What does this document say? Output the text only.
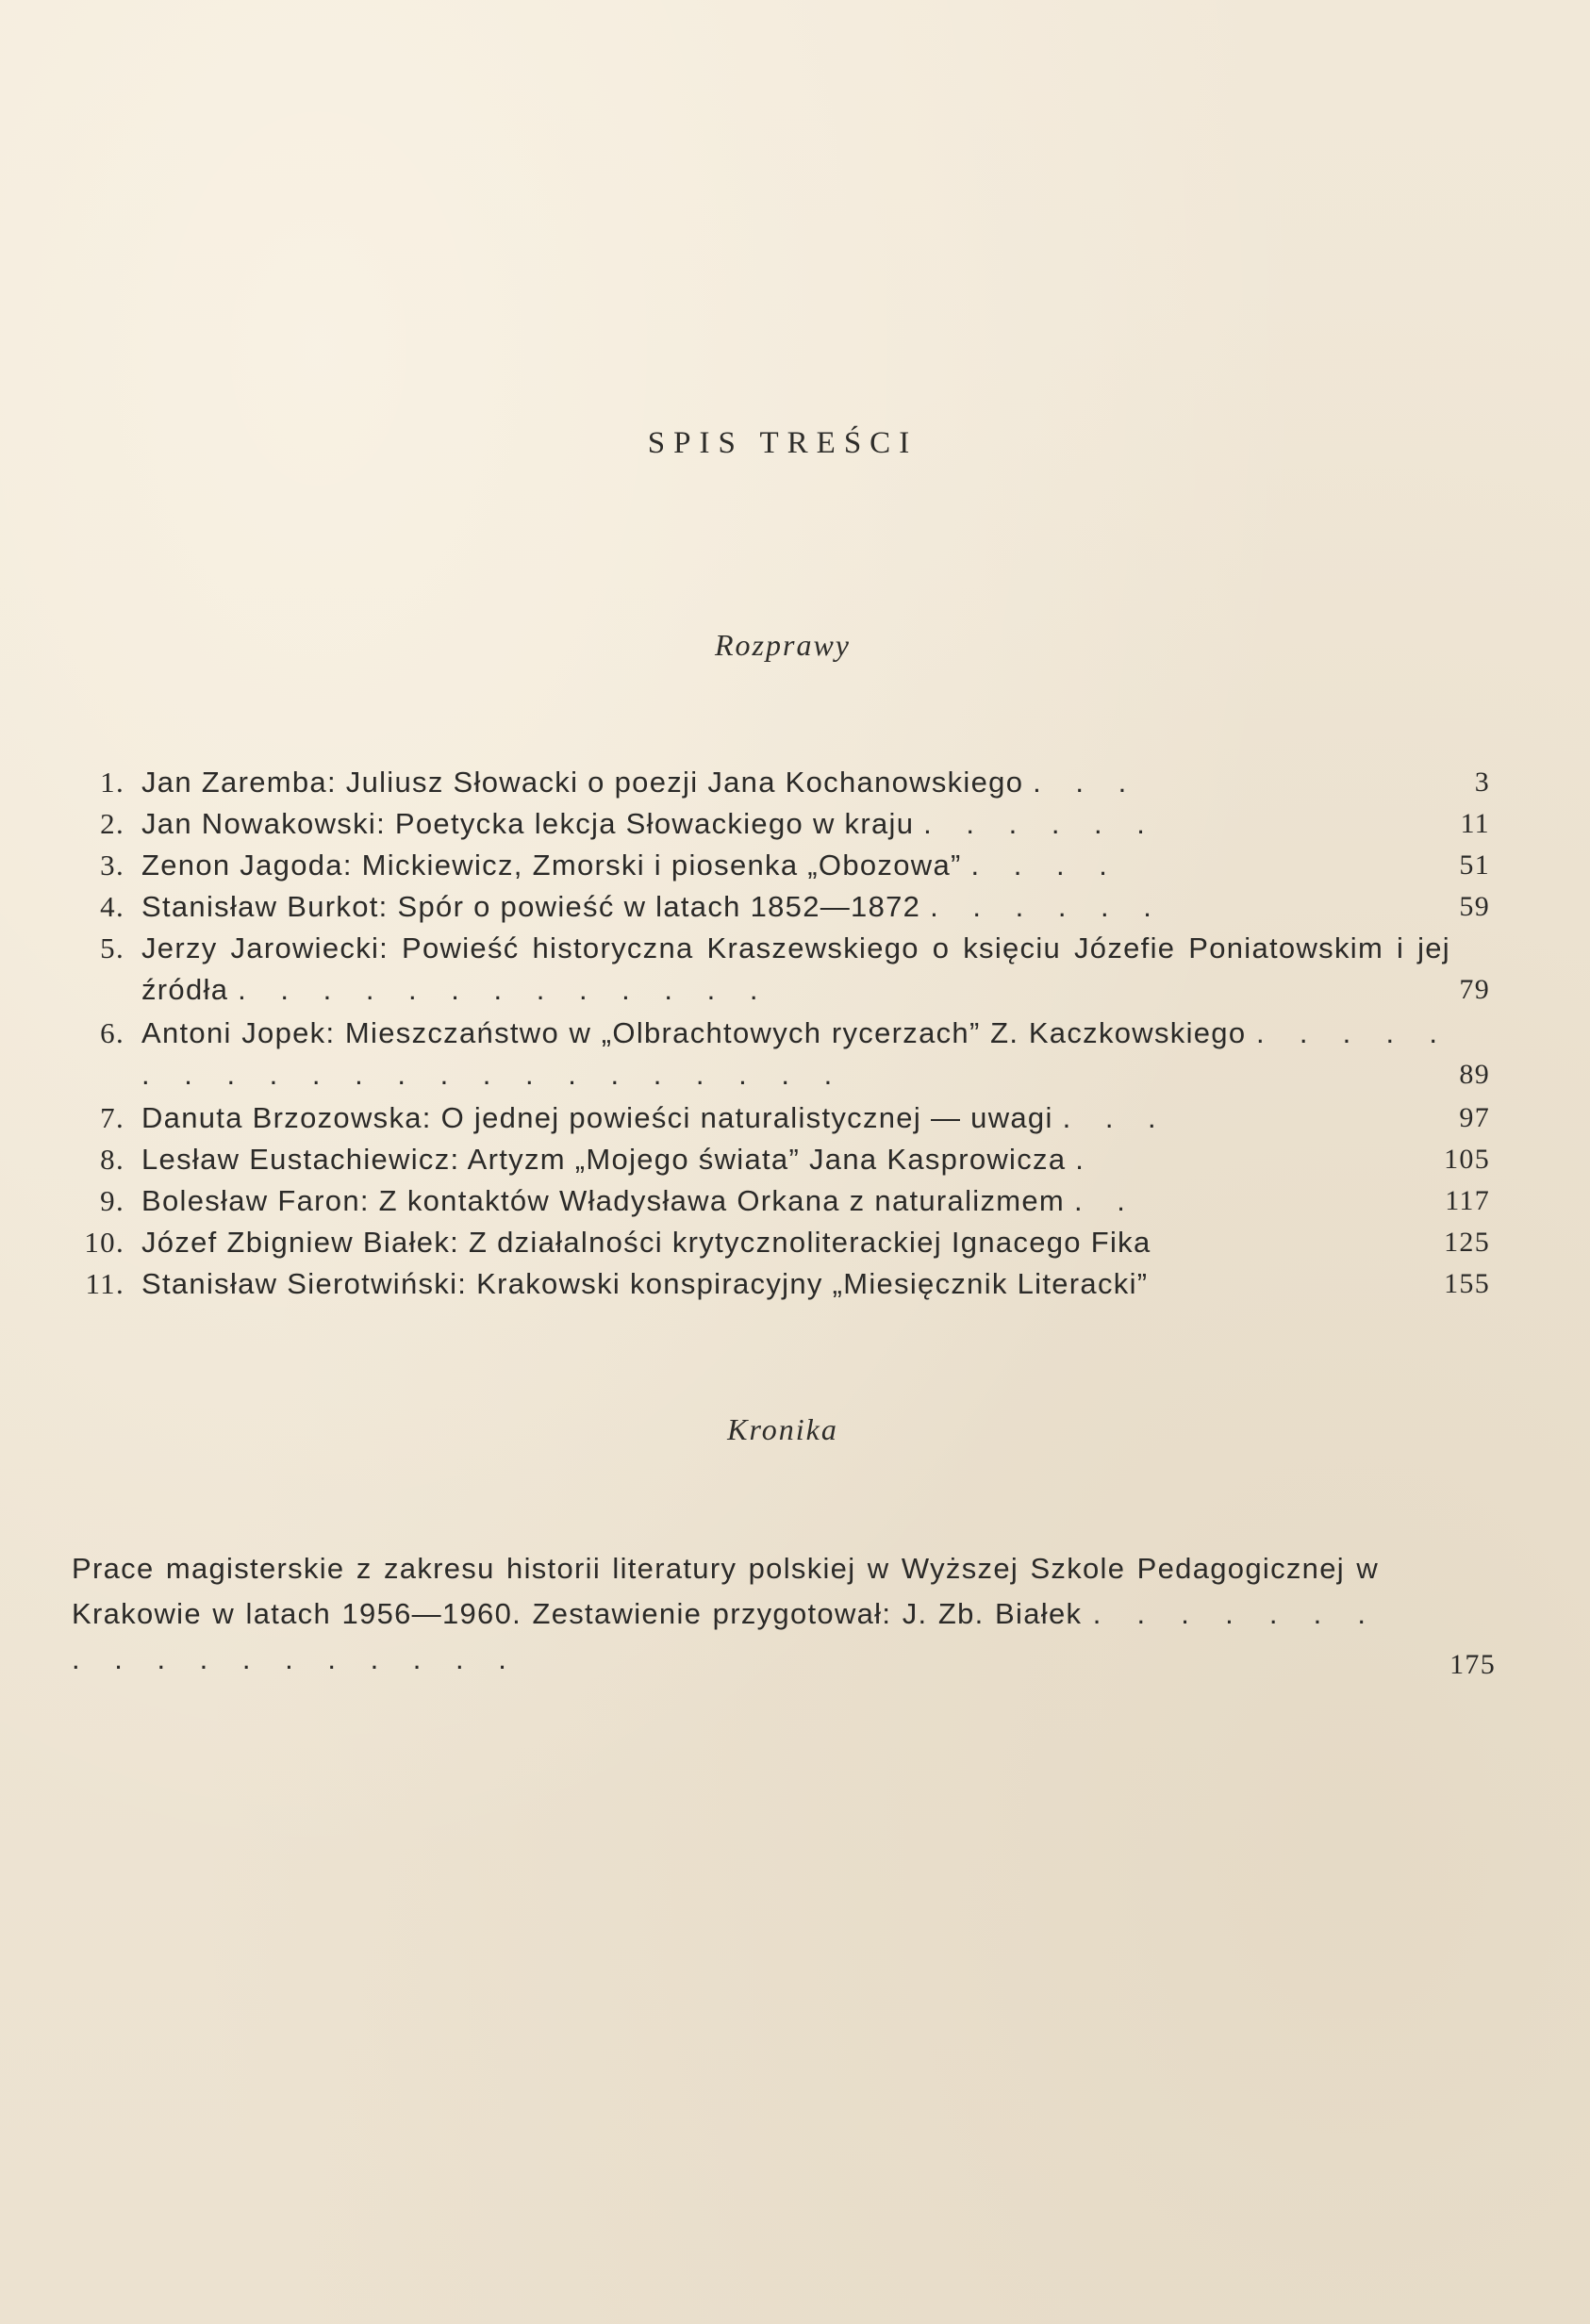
SPIS TREŚCI
Rozprawy
1. Jan Zaremba: Juliusz Słowacki o poezji Jana Kochanowskiego . . .	3
2. Jan Nowakowski: Poetycka lekcja Słowackiego w kraju . . . . . .	11
3. Zenon Jagoda: Mickiewicz, Zmorski i piosenka „Obozowa” . . . .	51
4. Stanisław Burkot: Spór o powieść w latach 1852—1872 . . . . . .	59
5. Jerzy Jarowiecki: Powieść historyczna Kraszewskiego o księciu Józefie Poniatowskim i jej źródła . . . . . . . . . . . . .	79
6. Antoni Jopek: Mieszczaństwo w „Olbrachtowych rycerzach” Z. Kaczkowskiego . . . . . . . . . . . . . . . . . . . . . .	89
7. Danuta Brzozowska: O jednej powieści naturalistycznej — uwagi . . .	97
8. Lesław Eustachiewicz: Artyzm „Mojego świata” Jana Kasprowicza .	105
9. Bolesław Faron: Z kontaktów Władysława Orkana z naturalizmem . .	117
10. Józef Zbigniew Białek: Z działalności krytycznoliterackiej Ignacego Fika	125
11. Stanisław Sierotwiński: Krakowski konspiracyjny „Miesięcznik Literacki”	155
Kronika
Prace magisterskie z zakresu historii literatury polskiej w Wyższej Szkole Pedagogicznej w Krakowie w latach 1956—1960. Zestawienie przygotował: J. Zb. Białek . . . . . . . . . . . . . . . . . .	175
